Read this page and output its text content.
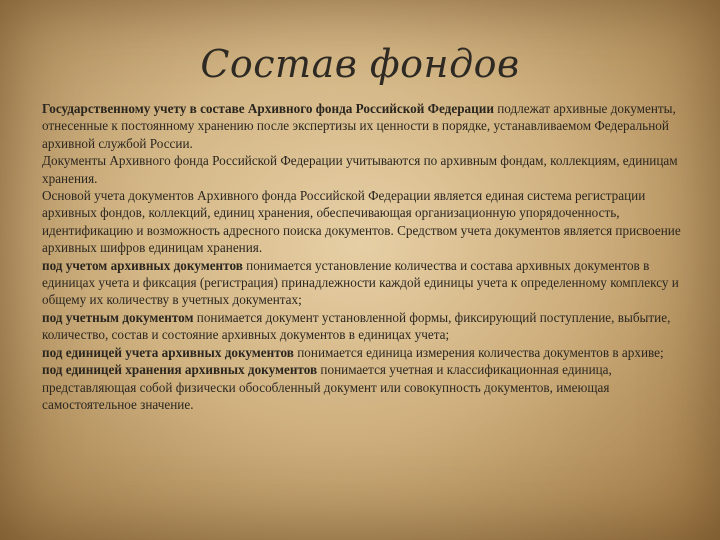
Состав фондов

Государственному учету в составе Архивного фонда Российской Федерации подлежат архивные документы, отнесенные к постоянному хранению после экспертизы их ценности в порядке, устанавливаемом Федеральной архивной службой России.

Документы Архивного фонда Российской Федерации учитываются по архивным фондам, коллекциям, единицам хранения.

Основой учета документов Архивного фонда Российской Федерации является единая система регистрации архивных фондов, коллекций, единиц хранения, обеспечивающая организационную упорядоченность, идентификацию и возможность адресного поиска документов. Средством учета документов является присвоение архивных шифров единицам хранения.

под учетом архивных документов понимается установление количества и состава архивных документов в единицах учета и фиксация (регистрация) принадлежности каждой единицы учета к определенному комплексу и общему их количеству в учетных документах;

под учетным документом понимается документ установленной формы, фиксирующий поступление, выбытие, количество, состав и состояние архивных документов в единицах учета;

под единицей учета архивных документов понимается единица измерения количества документов в архиве;

под единицей хранения архивных документов понимается учетная и классификационная единица, представляющая собой физически обособленный документ или совокупность документов, имеющая самостоятельное значение.
